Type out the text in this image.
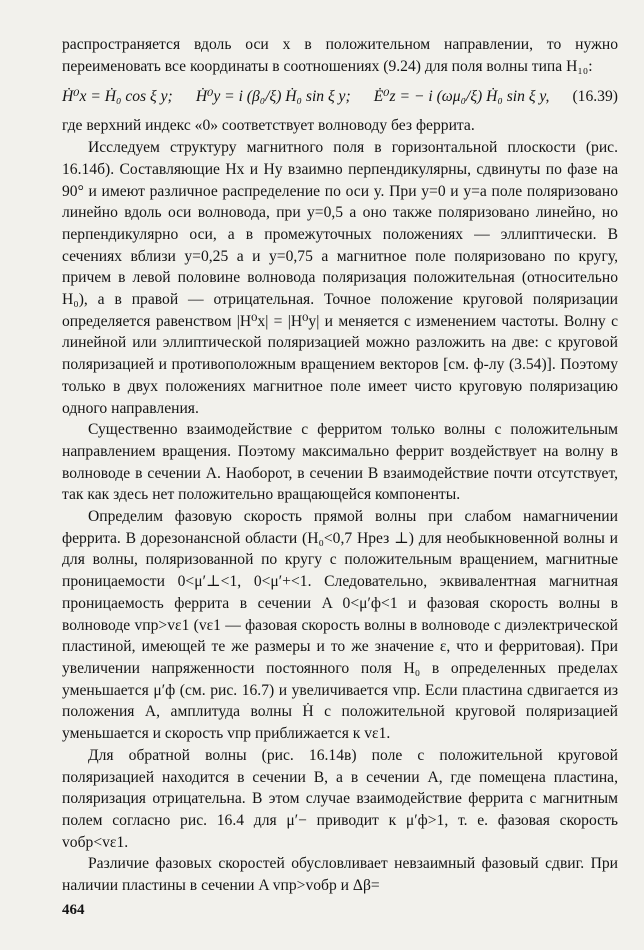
распространяется вдоль оси x в положительном направлении, то нужно переименовать все координаты в соотношениях (9.24) для поля волны типа H₁₀:

Ḣ⁰x = Ḣ₀ cos ξ y; Ḣ⁰y = i (β₀/ξ) Ḣ₀ sin ξ y; Ė⁰z = − i (ωμ₀/ξ) Ḣ₀ sin ξ y, (16.39)

где верхний индекс «0» соответствует волноводу без феррита.

Исследуем структуру магнитного поля в горизонтальной плоскости (рис. 16.14б). Составляющие Hx и Hy взаимно перпендикулярны, сдвинуты по фазе на 90° и имеют различное распределение по оси y. При y=0 и y=a поле поляризовано линейно вдоль оси волновода, при y=0,5 a оно также поляризовано линейно, но перпендикулярно оси, а в промежуточных положениях — эллиптически. В сечениях вблизи y=0,25 a и y=0,75 a магнитное поле поляризовано по кругу, причем в левой половине волновода поляризация положительная (относительно H₀), а в правой — отрицательная. Точное положение круговой поляризации определяется равенством |H⁰x| = |H⁰y| и меняется с изменением частоты. Волну с линейной или эллиптической поляризацией можно разложить на две: с круговой поляризацией и противоположным вращением векторов [см. ф-лу (3.54)]. Поэтому только в двух положениях магнитное поле имеет чисто круговую поляризацию одного направления.

Существенно взаимодействие с ферритом только волны с положительным направлением вращения. Поэтому максимально феррит воздействует на волну в волноводе в сечении A. Наоборот, в сечении B взаимодействие почти отсутствует, так как здесь нет положительно вращающейся компоненты.

Определим фазовую скорость прямой волны при слабом намагничении феррита. В дорезонансной области (H₀<0,7 Hрез ⊥) для необыкновенной волны и для волны, поляризованной по кругу с положительным вращением, магнитные проницаемости 0<μ′⊥<1, 0<μ′+<1. Следовательно, эквивалентная магнитная проницаемость феррита в сечении A 0<μ′ф<1 и фазовая скорость волны в волноводе vпр>vε1 (vε1 — фазовая скорость волны в волноводе с диэлектрической пластиной, имеющей те же размеры и то же значение ε, что и ферритовая). При увеличении напряженности постоянного поля H₀ в определенных пределах уменьшается μ′ф (см. рис. 16.7) и увеличивается vпр. Если пластина сдвигается из положения A, амплитуда волны Ḣ с положительной круговой поляризацией уменьшается и скорость vпр приближается к vε1.

Для обратной волны (рис. 16.14в) поле с положительной круговой поляризацией находится в сечении B, а в сечении A, где помещена пластина, поляризация отрицательна. В этом случае взаимодействие феррита с магнитным полем согласно рис. 16.4 для μ′− приводит к μ′ф>1, т. е. фазовая скорость vобр<vε1.

Различие фазовых скоростей обусловливает невзаимный фазовый сдвиг. При наличии пластины в сечении A vпр>vобр и Δβ=

464
